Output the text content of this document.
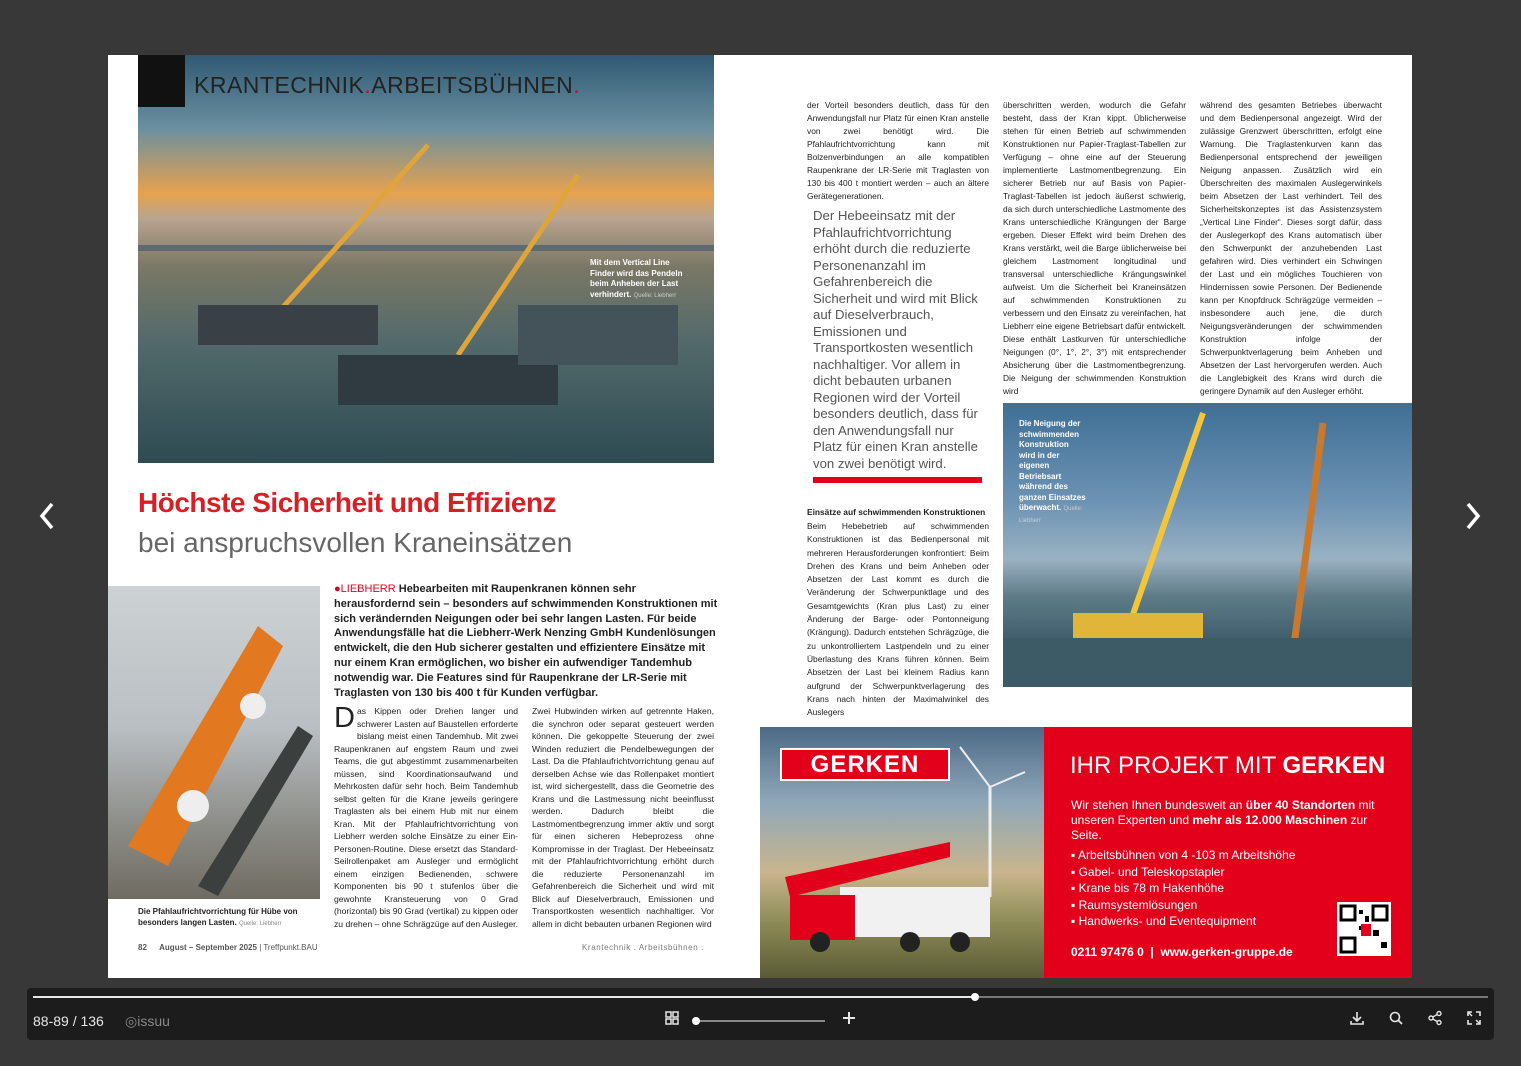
KRANTECHNIK.ARBEITSBÜHNEN.
Mit dem Vertical Line Finder wird das Pendeln beim Anheben der Last verhindert. Quelle: Liebherr
Höchste Sicherheit und Effizienz
bei anspruchsvollen Kraneinsätzen
Die Pfahlaufrichtvorrichtung für Hübe von besonders langen Lasten. Quelle: Liebherr
●LIEBHERR Hebearbeiten mit Raupenkranen können sehr herausfordernd sein – besonders auf schwimmenden Konstruktionen mit sich verändernden Neigungen oder bei sehr langen Lasten. Für beide Anwendungsfälle hat die Liebherr-Werk Nenzing GmbH Kundenlösungen entwickelt, die den Hub sicherer gestalten und effizientere Einsätze mit nur einem Kran ermöglichen, wo bisher ein aufwendiger Tandemhub notwendig war. Die Features sind für Raupenkrane der LR-Serie mit Traglasten von 130 bis 400 t für Kunden verfügbar.
Das Kippen oder Drehen langer und schwerer Lasten auf Baustellen erforderte bislang meist einen Tandemhub. Mit zwei Raupenkranen auf engstem Raum und zwei Teams, die gut abgestimmt zusammenarbeiten müssen, sind Koordinationsaufwand und Mehrkosten dafür sehr hoch. Beim Tandemhub selbst gelten für die Krane jeweils geringere Traglasten als bei einem Hub mit nur einem Kran. Mit der Pfahlaufrichtvorrichtung von Liebherr werden solche Einsätze zu einer Ein-Personen-Routine. Diese ersetzt das Standard-Seilrollenpaket am Ausleger und ermöglicht einem einzigen Bedienenden, schwere Komponenten bis 90 t stufenlos über die gewohnte Kransteuerung von 0 Grad (horizontal) bis 90 Grad (vertikal) zu kippen oder zu drehen – ohne Schrägzüge auf den Ausleger.
Zwei Hubwinden wirken auf getrennte Haken, die synchron oder separat gesteuert werden können. Die gekoppelte Steuerung der zwei Winden reduziert die Pendelbewegungen der Last. Da die Pfahlaufrichtvorrichtung genau auf derselben Achse wie das Rollenpaket montiert ist, wird sichergestellt, dass die Geometrie des Krans und die Lastmessung nicht beeinflusst werden. Dadurch bleibt die Lastmomentbegrenzung immer aktiv und sorgt für einen sicheren Hebeprozess ohne Kompromisse in der Traglast. Der Hebeeinsatz mit der Pfahlaufrichtvorrichtung erhöht durch die reduzierte Personenanzahl im Gefahrenbereich die Sicherheit und wird mit Blick auf Dieselverbrauch, Emissionen und Transportkosten wesentlich nachhaltiger. Vor allem in dicht bebauten urbanen Regionen wird
82 August – September 2025 | Treffpunkt.BAU	Krantechnik . Arbeitsbühnen .
der Vorteil besonders deutlich, dass für den Anwendungsfall nur Platz für einen Kran anstelle von zwei benötigt wird. Die Pfahlaufrichtvorrichtung kann mit Bolzenverbindungen an alle kompatiblen Raupenkrane der LR-Serie mit Traglasten von 130 bis 400 t montiert werden – auch an ältere Gerätegenerationen.
Der Hebeeinsatz mit der Pfahlaufrichtvorrichtung erhöht durch die reduzierte Personenanzahl im Gefahrenbereich die Sicherheit und wird mit Blick auf Dieselverbrauch, Emissionen und Transportkosten wesentlich nachhaltiger. Vor allem in dicht bebauten urbanen Regionen wird der Vorteil besonders deutlich, dass für den Anwendungsfall nur Platz für einen Kran anstelle von zwei benötigt wird.
Einsätze auf schwimmenden Konstruktionen
Beim Hebebetrieb auf schwimmenden Konstruktionen ist das Bedienpersonal mit mehreren Herausforderungen konfrontiert: Beim Drehen des Krans und beim Anheben oder Absetzen der Last kommt es durch die Veränderung der Schwerpunktlage und des Gesamtgewichts (Kran plus Last) zu einer Änderung der Barge- oder Pontonneigung (Krängung). Dadurch entstehen Schrägzüge, die zu unkontrolliertem Lastpendeln und zu einer Überlastung des Krans führen können. Beim Absetzen der Last bei kleinem Radius kann aufgrund der Schwerpunktverlagerung des Krans nach hinten der Maximalwinkel des Auslegers
überschritten werden, wodurch die Gefahr besteht, dass der Kran kippt. Üblicherweise stehen für einen Betrieb auf schwimmenden Konstruktionen nur Papier-Traglast-Tabellen zur Verfügung – ohne eine auf der Steuerung implementierte Lastmomentbegrenzung. Ein sicherer Betrieb nur auf Basis von Papier-Traglast-Tabellen ist jedoch äußerst schwierig, da sich durch unterschiedliche Lastmomente des Krans unterschiedliche Krängungen der Barge ergeben. Dieser Effekt wird beim Drehen des Krans verstärkt, weil die Barge üblicherweise bei gleichem Lastmoment longitudinal und transversal unterschiedliche Krängungswinkel aufweist. Um die Sicherheit bei Kraneinsätzen auf schwimmenden Konstruktionen zu verbessern und den Einsatz zu vereinfachen, hat Liebherr eine eigene Betriebsart dafür entwickelt. Diese enthält Lastkurven für unterschiedliche Neigungen (0°, 1°, 2°, 3°) mit entsprechender Absicherung über die Lastmomentbegrenzung. Die Neigung der schwimmenden Konstruktion wird
während des gesamten Betriebes überwacht und dem Bedienpersonal angezeigt. Wird der zulässige Grenzwert überschritten, erfolgt eine Warnung. Die Traglastenkurven kann das Bedienpersonal entsprechend der jeweiligen Neigung anpassen. Zusätzlich wird ein Überschreiten des maximalen Auslegerwinkels beim Absetzen der Last verhindert. Teil des Sicherheitskonzeptes ist das Assistenzsystem „Vertical Line Finder“. Dieses sorgt dafür, dass der Auslegerkopf des Krans automatisch über den Schwerpunkt der anzuhebenden Last gefahren wird. Dies verhindert ein Schwingen der Last und ein mögliches Touchieren von Hindernissen sowie Personen. Der Bedienende kann per Knopfdruck Schrägzüge vermeiden – insbesondere auch jene, die durch Neigungsveränderungen der schwimmenden Konstruktion infolge der Schwerpunktverlagerung beim Anheben und Absetzen der Last hervorgerufen werden. Auch die Langlebigkeit des Krans wird durch die geringere Dynamik auf den Ausleger erhöht.
Die Neigung der schwimmenden Konstruktion wird in der eigenen Betriebsart während des ganzen Einsatzes überwacht. Quelle: Liebherr
GERKEN	IHR PROJEKT MIT GERKEN
Wir stehen Ihnen bundesweit an über 40 Standorten mit unseren Experten und mehr als 12.000 Maschinen zur Seite.
▪ Arbeitsbühnen von 4 -103 m Arbeitshöhe
▪ Gabel- und Teleskopstapler
▪ Krane bis 78 m Hakenhöhe
▪ Raumsystemlösungen
▪ Handwerks- und Eventequipment
0211 97476 0 | www.gerken-gruppe.de
88-89 / 136 ◎issuu
